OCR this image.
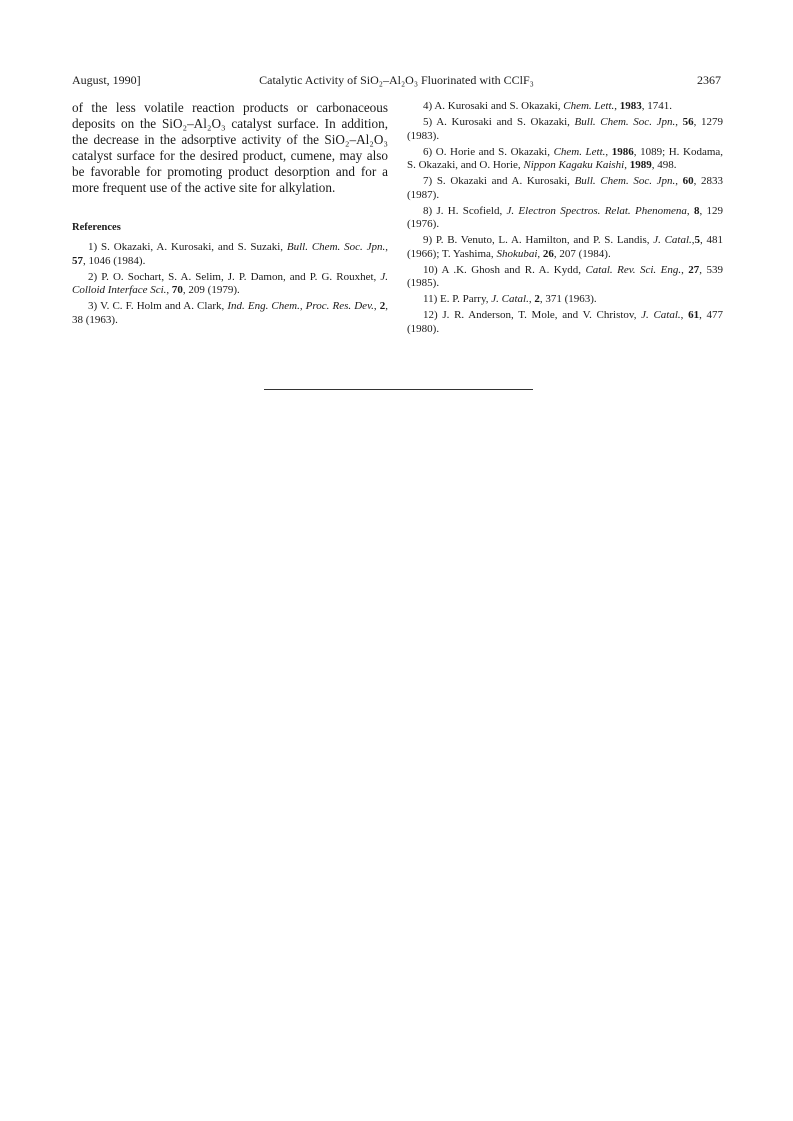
August, 1990]	Catalytic Activity of SiO₂–Al₂O₃ Fluorinated with CClF₃	2367

of the less volatile reaction products or carbonaceous deposits on the SiO₂–Al₂O₃ catalyst surface. In addition, the decrease in the adsorptive activity of the SiO₂–Al₂O₃ catalyst surface for the desired product, cumene, may also be favorable for promoting product desorption and for a more frequent use of the active site for alkylation.

References

1) S. Okazaki, A. Kurosaki, and S. Suzaki, Bull. Chem. Soc. Jpn., 57, 1046 (1984).

2) P. O. Sochart, S. A. Selim, J. P. Damon, and P. G. Rouxhet, J. Colloid Interface Sci., 70, 209 (1979).

3) V. C. F. Holm and A. Clark, Ind. Eng. Chem., Proc. Res. Dev., 2, 38 (1963).

4) A. Kurosaki and S. Okazaki, Chem. Lett., 1983, 1741.

5) A. Kurosaki and S. Okazaki, Bull. Chem. Soc. Jpn., 56, 1279 (1983).

6) O. Horie and S. Okazaki, Chem. Lett., 1986, 1089; H. Kodama, S. Okazaki, and O. Horie, Nippon Kagaku Kaishi, 1989, 498.

7) S. Okazaki and A. Kurosaki, Bull. Chem. Soc. Jpn., 60, 2833 (1987).

8) J. H. Scofield, J. Electron Spectros. Relat. Phenomena, 8, 129 (1976).

9) P. B. Venuto, L. A. Hamilton, and P. S. Landis, J. Catal.,5, 481 (1966); T. Yashima, Shokubai, 26, 207 (1984).

10) A .K. Ghosh and R. A. Kydd, Catal. Rev. Sci. Eng., 27, 539 (1985).

11) E. P. Parry, J. Catal., 2, 371 (1963).

12) J. R. Anderson, T. Mole, and V. Christov, J. Catal., 61, 477 (1980).
